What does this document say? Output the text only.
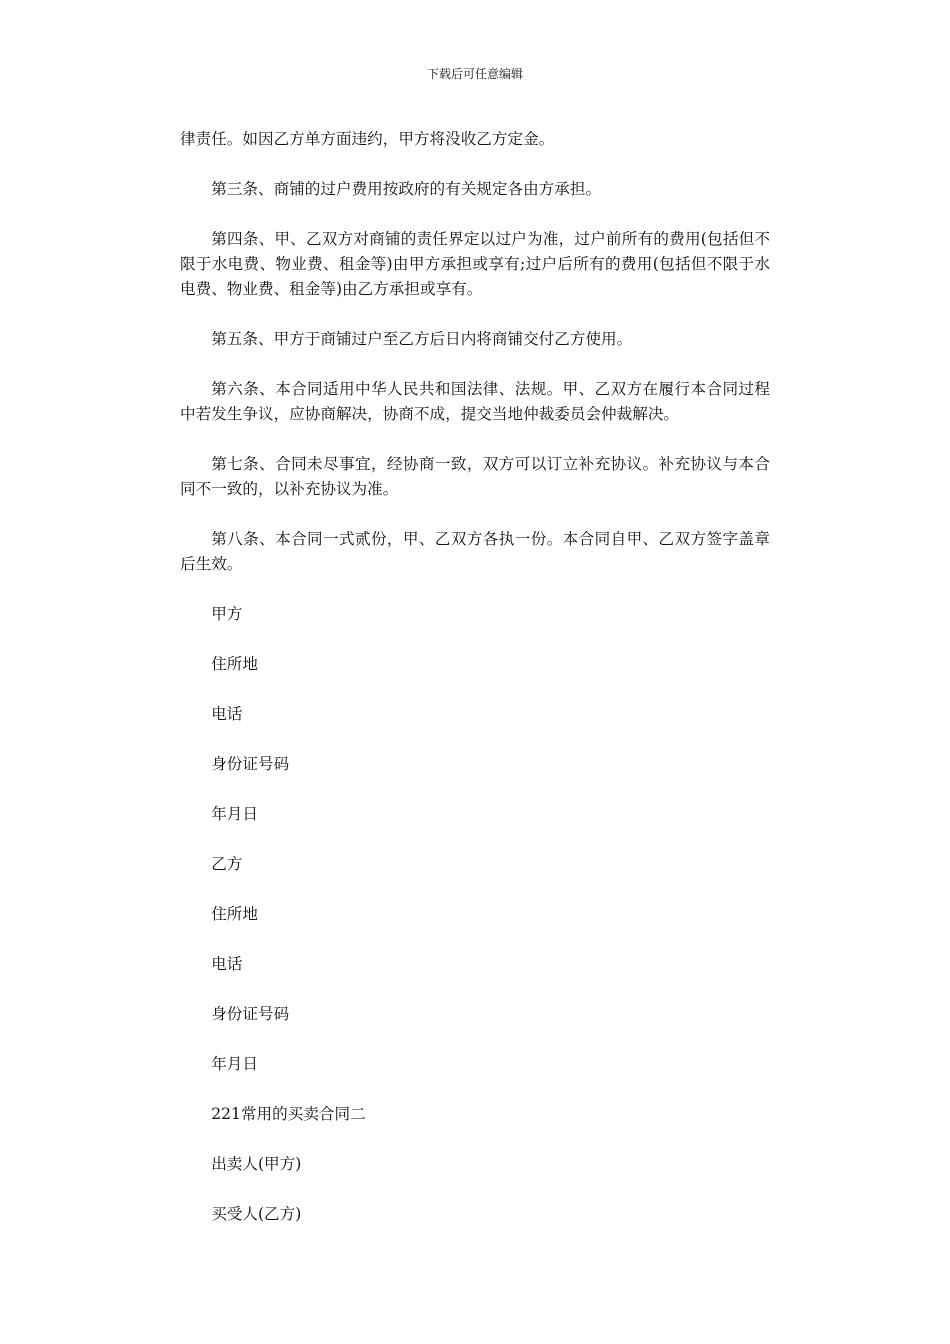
下载后可任意编辑

律责任。如因乙方单方面违约，甲方将没收乙方定金。

第三条、商铺的过户费用按政府的有关规定各由方承担。

第四条、甲、乙双方对商铺的责任界定以过户为准，过户前所有的费用(包括但不限于水电费、物业费、租金等)由甲方承担或享有;过户后所有的费用(包括但不限于水电费、物业费、租金等)由乙方承担或享有。

第五条、甲方于商铺过户至乙方后日内将商铺交付乙方使用。

第六条、本合同适用中华人民共和国法律、法规。甲、乙双方在履行本合同过程中若发生争议，应协商解决，协商不成，提交当地仲裁委员会仲裁解决。

第七条、合同未尽事宜，经协商一致，双方可以订立补充协议。补充协议与本合同不一致的，以补充协议为准。

第八条、本合同一式贰份，甲、乙双方各执一份。本合同自甲、乙双方签字盖章后生效。

甲方

住所地

电话

身份证号码

年月日

乙方

住所地

电话

身份证号码

年月日

221常用的买卖合同二

出卖人(甲方)

买受人(乙方)
